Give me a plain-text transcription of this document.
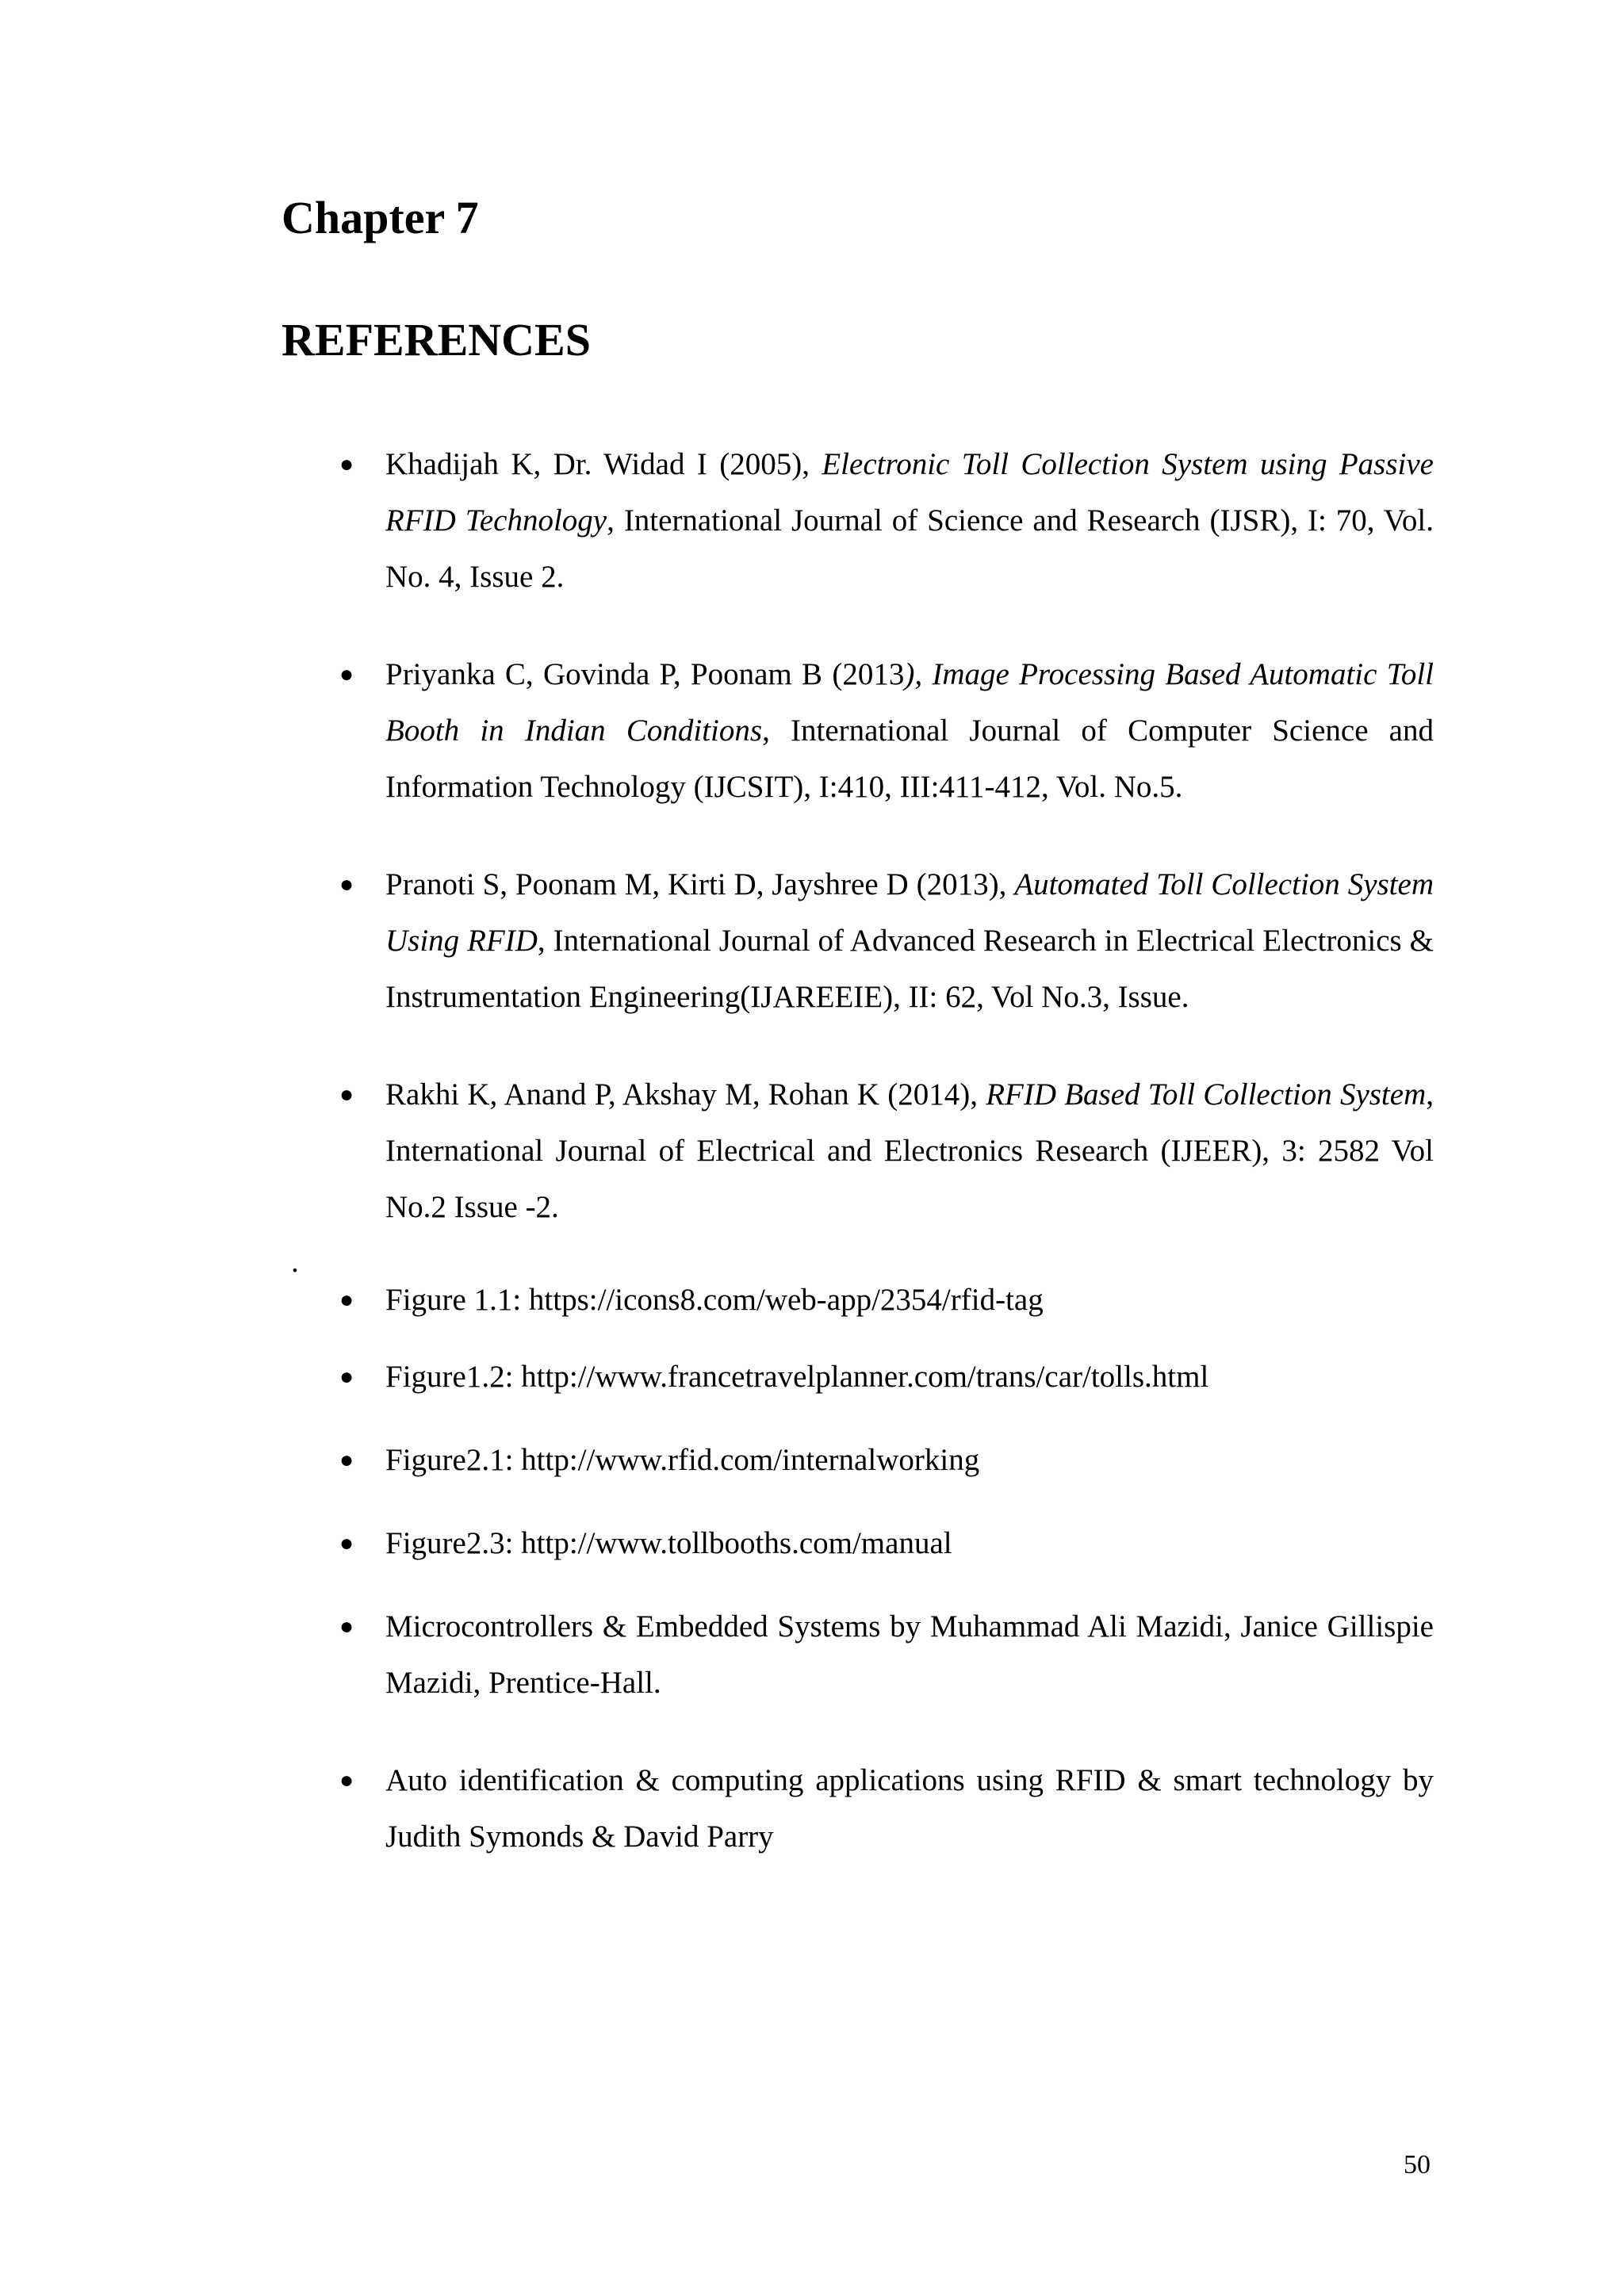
Chapter 7
REFERENCES
● Khadijah K, Dr. Widad I (2005), Electronic Toll Collection System using Passive RFID Technology, International Journal of Science and Research (IJSR), I: 70, Vol. No. 4, Issue 2.
● Priyanka C, Govinda P, Poonam B (2013), Image Processing Based Automatic Toll Booth in Indian Conditions, International Journal of Computer Science and Information Technology (IJCSIT), I:410, III:411-412, Vol. No.5.
● Pranoti S, Poonam M, Kirti D, Jayshree D (2013), Automated Toll Collection System Using RFID, International Journal of Advanced Research in Electrical Electronics & Instrumentation Engineering(IJAREEIE), II: 62, Vol No.3, Issue.
● Rakhi K, Anand P, Akshay M, Rohan K (2014), RFID Based Toll Collection System, International Journal of Electrical and Electronics Research (IJEER), 3: 2582 Vol No.2 Issue -2.
● Figure 1.1: https://icons8.com/web-app/2354/rfid-tag
● Figure1.2: http://www.francetravelplanner.com/trans/car/tolls.html
● Figure2.1: http://www.rfid.com/internalworking
● Figure2.3: http://www.tollbooths.com/manual
● Microcontrollers & Embedded Systems by Muhammad Ali Mazidi, Janice Gillispie Mazidi, Prentice-Hall.
● Auto identification & computing applications using RFID & smart technology by Judith Symonds & David Parry
.
50
